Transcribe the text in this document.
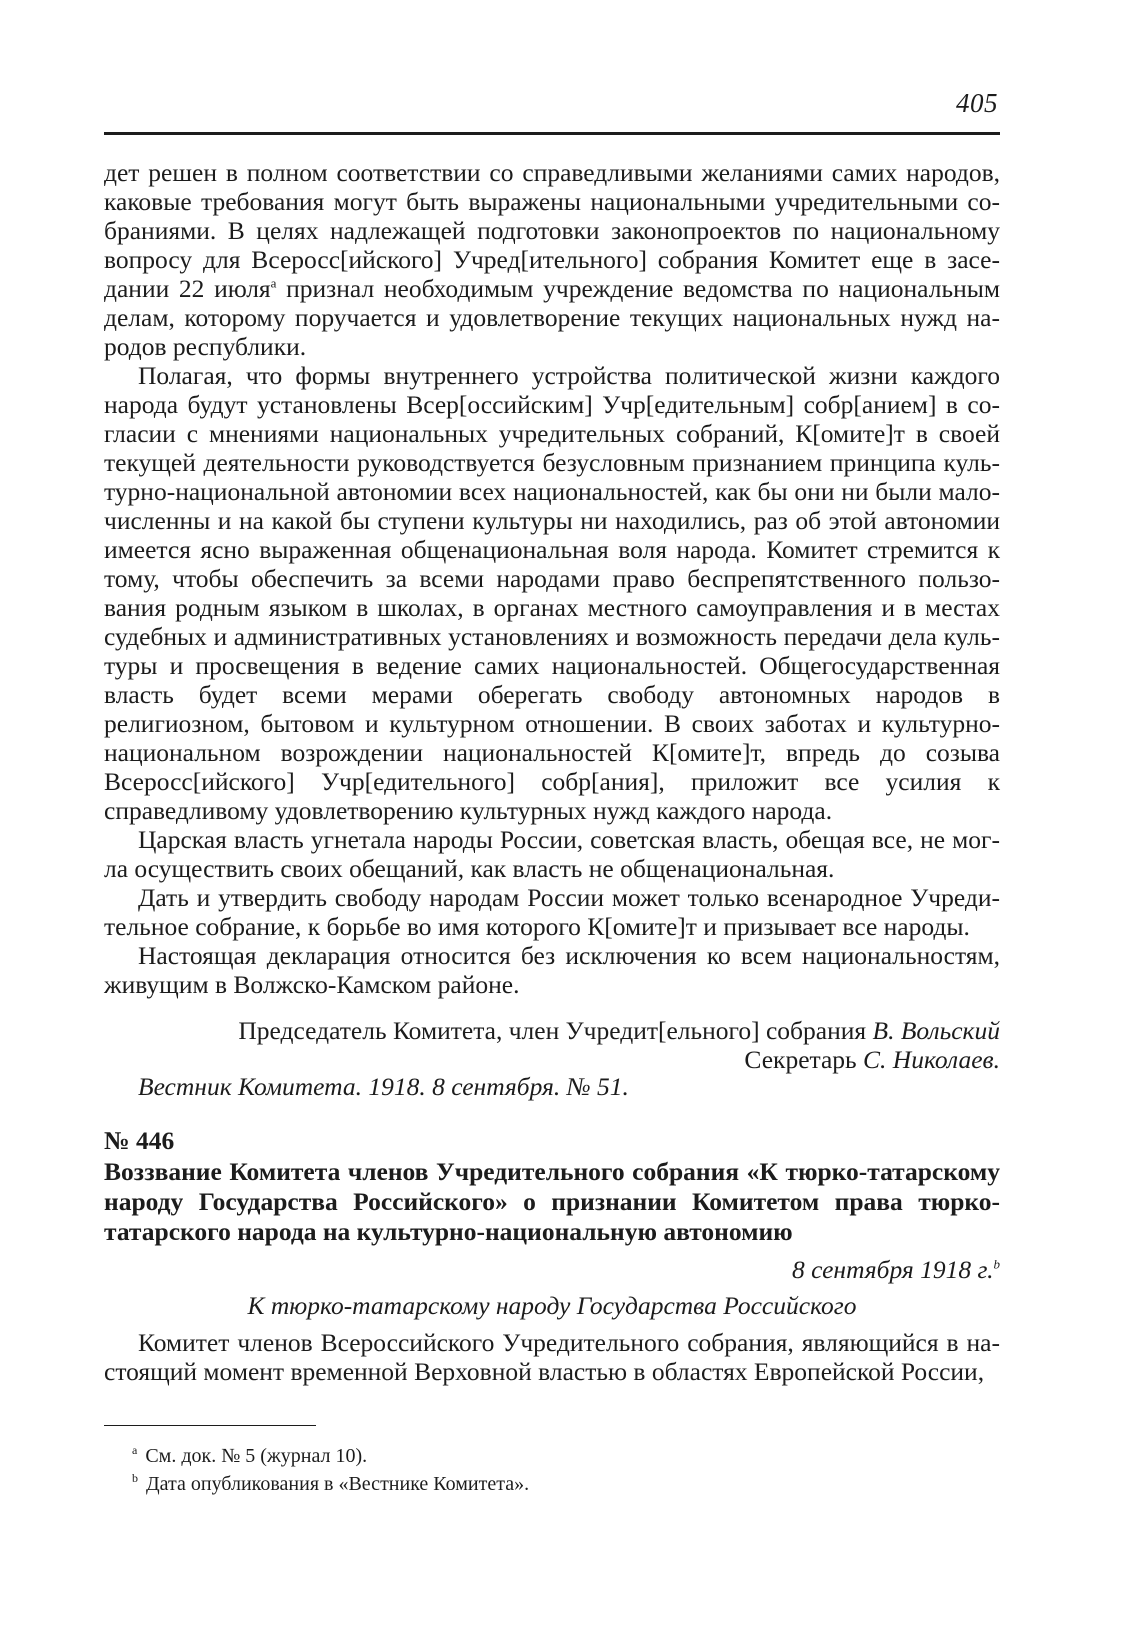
405

дет решен в полном соответствии со справедливыми желаниями самих народов, каковые требования могут быть выражены национальными учредительными собраниями. В целях надлежащей подготовки законопроектов по национальному вопросу для Всеросс[ийского] Учред[ительного] собрания Комитет еще в заседании 22 июля$^а$ признал необходимым учреждение ведомства по национальным делам, которому поручается и удовлетворение текущих национальных нужд народов республики.

Полагая, что формы внутреннего устройства политической жизни каждого народа будут установлены Всер[оссийским] Учр[едительным] собр[анием] в согласии с мнениями национальных учредительных собраний, К[омите]т в своей текущей деятельности руководствуется безусловным признанием принципа культурно-национальной автономии всех национальностей, как бы они ни были малочисленны и на какой бы ступени культуры ни находились, раз об этой автономии имеется ясно выраженная общенациональная воля народа. Комитет стремится к тому, чтобы обеспечить за всеми народами право беспрепятственного пользования родным языком в школах, в органах местного самоуправления и в местах судебных и административных установлениях и возможность передачи дела культуры и просвещения в ведение самих национальностей. Общегосударственная власть будет всеми мерами оберегать свободу автономных народов в религиозном, бытовом и культурном отношении. В своих заботах и культурно-национальном возрождении национальностей К[омите]т, впредь до созыва Всеросс[ийского] Учр[едительного] собр[ания], приложит все усилия к справедливому удовлетворению культурных нужд каждого народа.

Царская власть угнетала народы России, советская власть, обещая все, не могла осуществить своих обещаний, как власть не общенациональная.

Дать и утвердить свободу народам России может только всенародное Учредительное собрание, к борьбе во имя которого К[омите]т и призывает все народы.

Настоящая декларация относится без исключения ко всем национальностям, живущим в Волжско-Камском районе.

Председатель Комитета, член Учредит[ельного] собрания В. Вольский

Секретарь С. Николаев.

Вестник Комитета. 1918. 8 сентября. № 51.

№ 446

Воззвание Комитета членов Учредительного собрания «К тюрко-татарскому народу Государства Российского» о признании Комитетом права тюрко-татарского народа на культурно-национальную автономию

8 сентября 1918 г.$^b$

К тюрко-татарскому народу Государства Российского

Комитет членов Всероссийского Учредительного собрания, являющийся в настоящий момент временной Верховной властью в областях Европейской России,

$^а$ См. док. № 5 (журнал 10).

$^b$ Дата опубликования в «Вестнике Комитета».
